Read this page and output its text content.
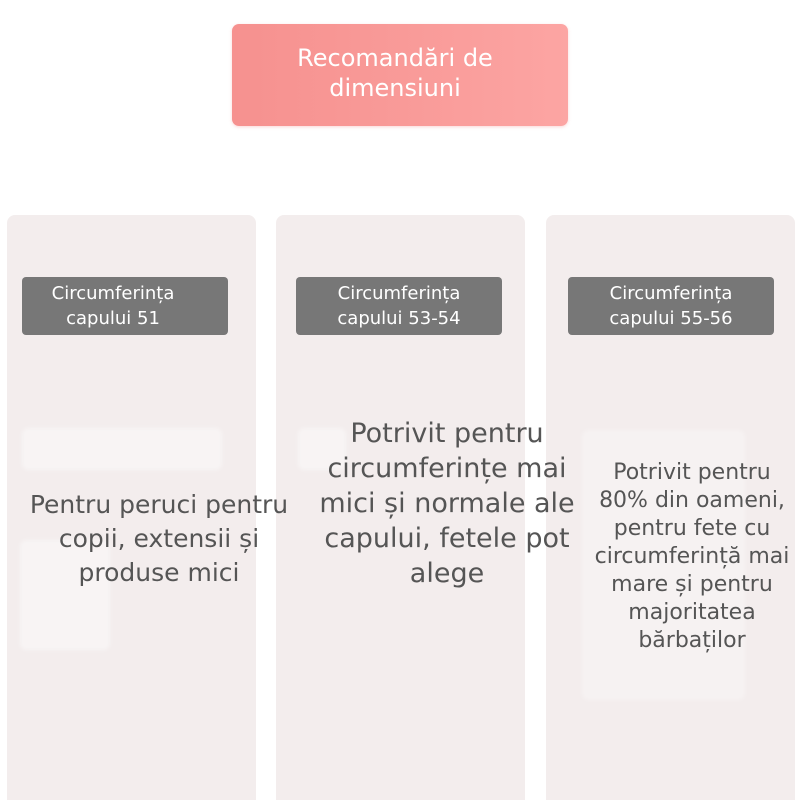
Recomandări de
dimensiuni
Circumferința
capului 51
Pentru peruci pentru
copii, extensii și
produse mici
Circumferința
capului 53-54
Potrivit pentru
circumferințe mai
mici și normale ale
capului, fetele pot
alege
Circumferința
capului 55-56
Potrivit pentru
80% din oameni,
pentru fete cu
circumferință mai
mare și pentru
majoritatea
bărbaților
